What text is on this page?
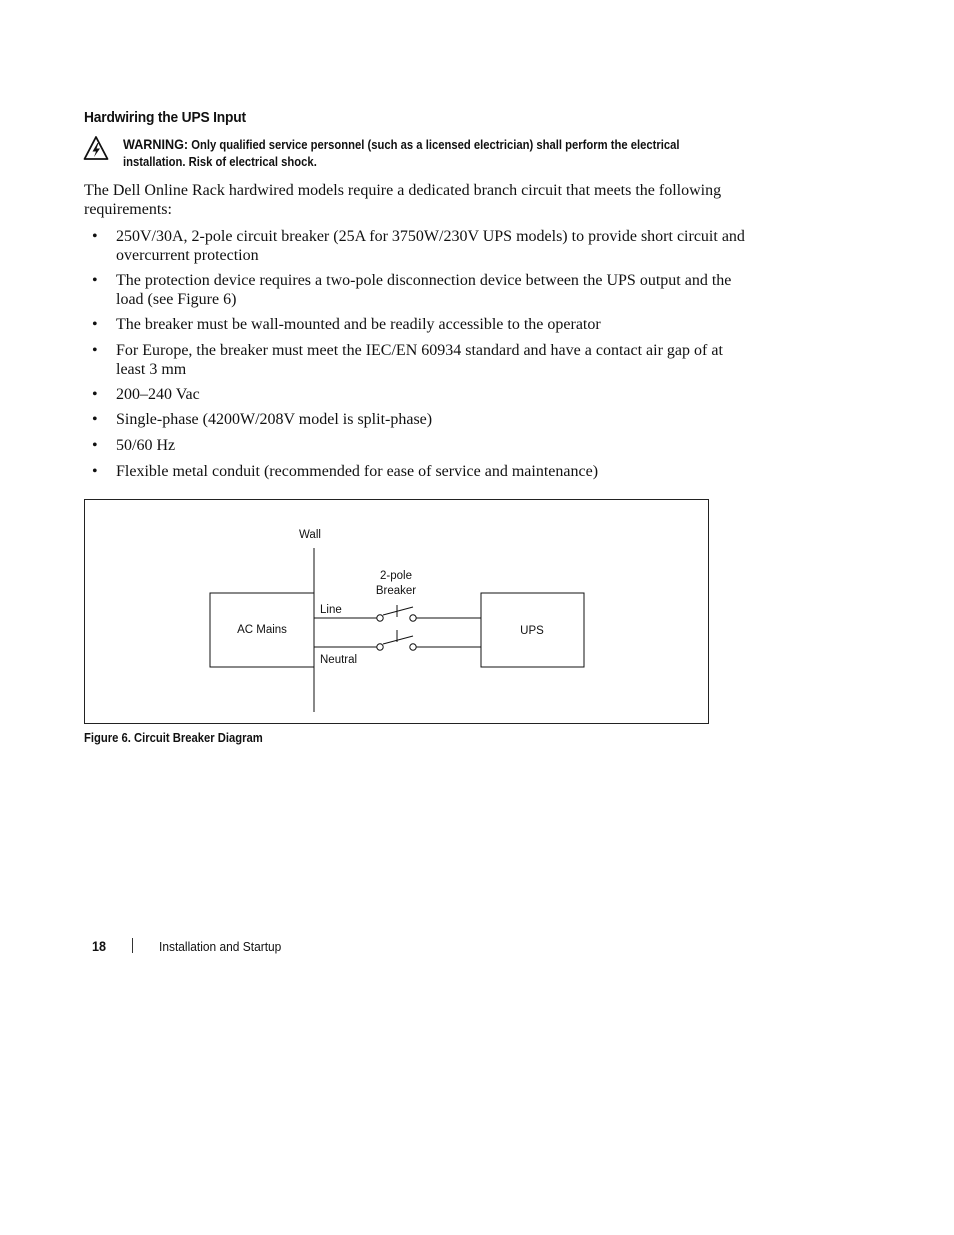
Hardwiring the UPS Input
WARNING: Only qualified service personnel (such as a licensed electrician) shall perform the electrical installation. Risk of electrical shock.
The Dell Online Rack hardwired models require a dedicated branch circuit that meets the following requirements:
• 250V/30A, 2-pole circuit breaker (25A for 3750W/230V UPS models) to provide short circuit and overcurrent protection
• The protection device requires a two-pole disconnection device between the UPS output and the load (see Figure 6)
• The breaker must be wall-mounted and be readily accessible to the operator
• For Europe, the breaker must meet the IEC/EN 60934 standard and have a contact air gap of at least 3 mm
• 200–240 Vac
• Single-phase (4200W/208V model is split-phase)
• 50/60 Hz
• Flexible metal conduit (recommended for ease of service and maintenance)
Wall
AC Mains	UPS
Line
Neutral
2-pole
Breaker
Figure 6. Circuit Breaker Diagram
18	Installation and Startup
